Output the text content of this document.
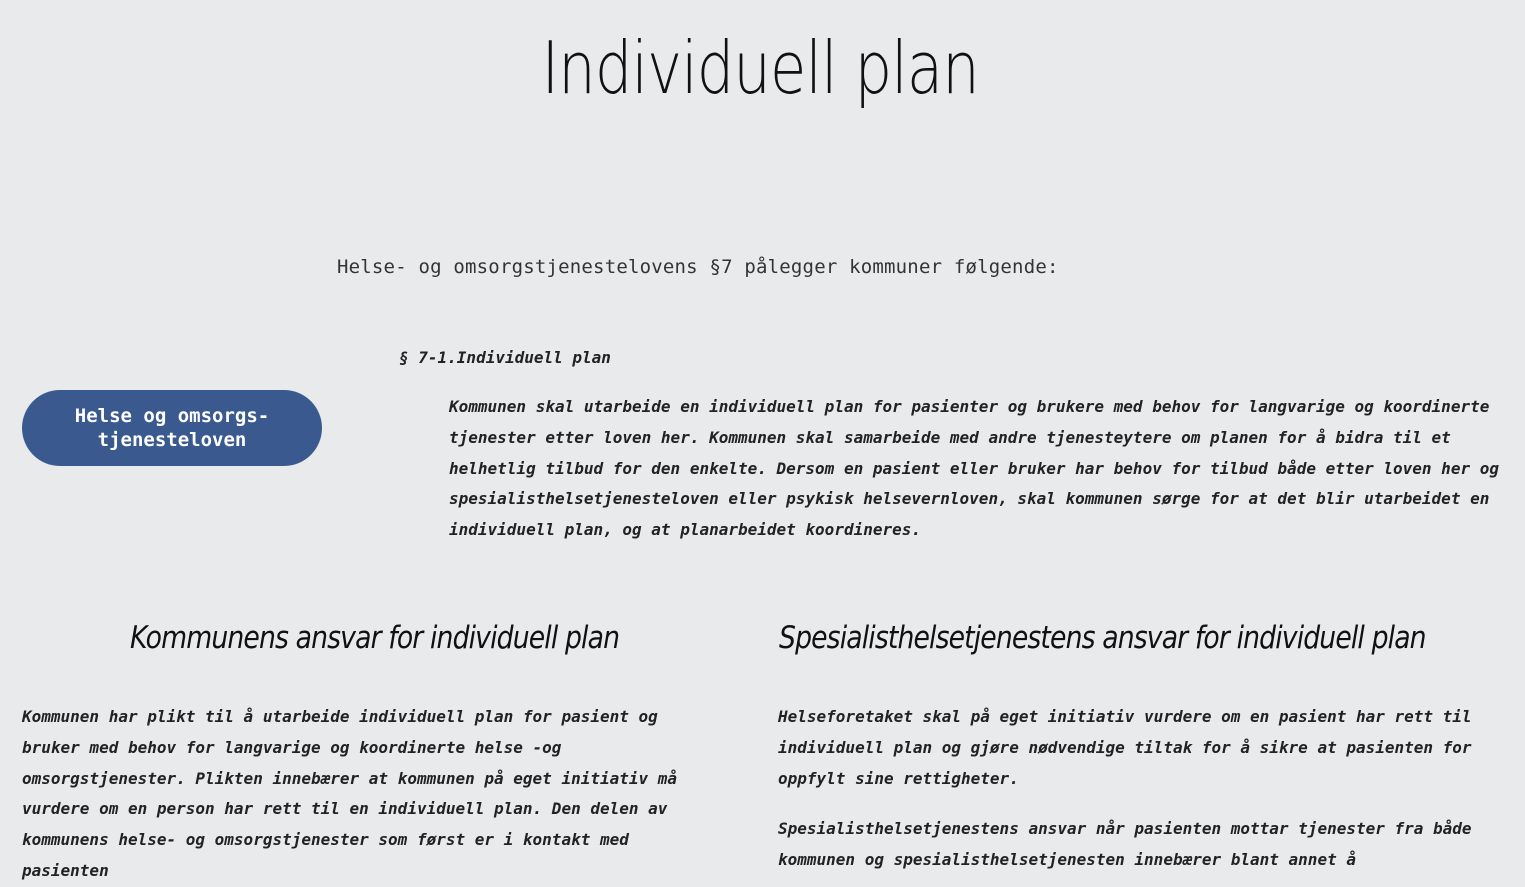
Individuell plan
Helse- og omsorgstjenestelovens §7 pålegger kommuner følgende:
§ 7-1.Individuell plan

Kommunen skal utarbeide en individuell plan for pasienter og brukere med behov for langvarige og koordinerte tjenester etter loven her. Kommunen skal samarbeide med andre tjenesteytere om planen for å bidra til et helhetlig tilbud for den enkelte. Dersom en pasient eller bruker har behov for tilbud både etter loven her og spesialisthelsetjenesteloven eller psykisk helsevernloven, skal kommunen sørge for at det blir utarbeidet en individuell plan, og at planarbeidet koordineres.

Helse og omsorgs-tjenesteloven
Kommunens ansvar for individuell plan	Spesialisthelsetjenestens ansvar for individuell plan

Kommunen har plikt til å utarbeide individuell plan for pasient og bruker med behov for langvarige og koordinerte helse -og omsorgstjenester. Plikten innebærer at kommunen på eget initiativ må vurdere om en person har rett til en individuell plan. Den delen av kommunens helse- og omsorgstjenester som først er i kontakt med pasienten

Helseforetaket skal på eget initiativ vurdere om en pasient har rett til individuell plan og gjøre nødvendige tiltak for å sikre at pasienten for oppfylt sine rettigheter.

Spesialisthelsetjenestens ansvar når pasienten mottar tjenester fra både kommunen og spesialisthelsetjenesten innebærer blant annet å
